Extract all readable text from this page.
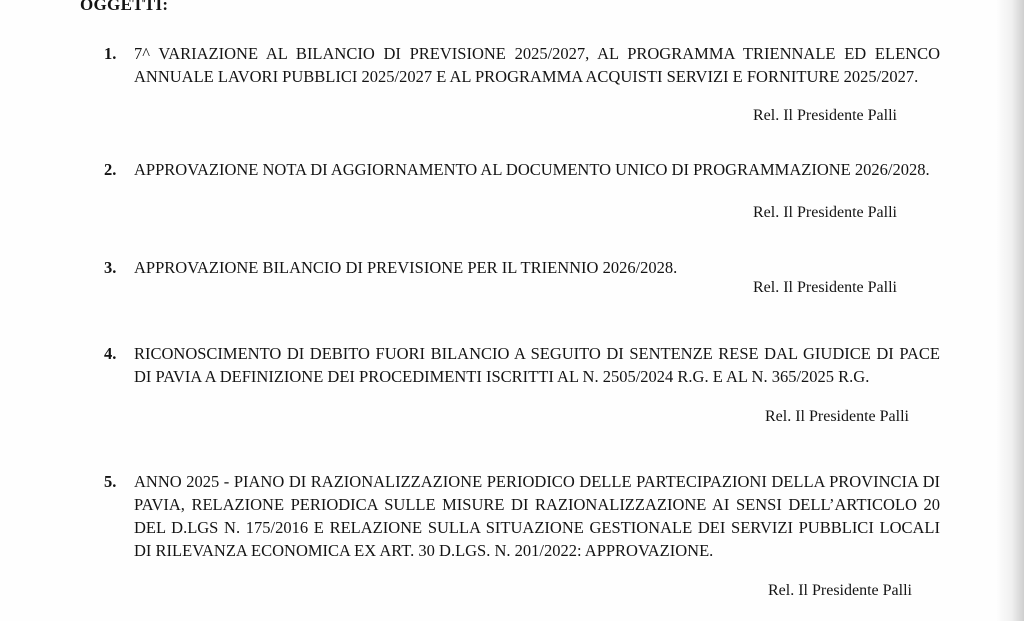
OGGETTI:
1. 7^ VARIAZIONE AL BILANCIO DI PREVISIONE 2025/2027, AL PROGRAMMA TRIENNALE ED ELENCO ANNUALE LAVORI PUBBLICI 2025/2027 E AL PROGRAMMA ACQUISTI SERVIZI E FORNITURE 2025/2027.
Rel. Il Presidente Palli
2. APPROVAZIONE NOTA DI AGGIORNAMENTO AL DOCUMENTO UNICO DI PROGRAMMAZIONE 2026/2028.
Rel. Il Presidente Palli
3. APPROVAZIONE BILANCIO DI PREVISIONE PER IL TRIENNIO 2026/2028.
Rel. Il Presidente Palli
4. RICONOSCIMENTO DI DEBITO FUORI BILANCIO A SEGUITO DI SENTENZE RESE DAL GIUDICE DI PACE DI PAVIA A DEFINIZIONE DEI PROCEDIMENTI ISCRITTI AL N. 2505/2024 R.G. E AL N. 365/2025 R.G.
Rel. Il Presidente Palli
5. ANNO 2025 - PIANO DI RAZIONALIZZAZIONE PERIODICO DELLE PARTECIPAZIONI DELLA PROVINCIA DI PAVIA, RELAZIONE PERIODICA SULLE MISURE DI RAZIONALIZZAZIONE AI SENSI DELL’ARTICOLO 20 DEL D.LGS N. 175/2016 E RELAZIONE SULLA SITUAZIONE GESTIONALE DEI SERVIZI PUBBLICI LOCALI DI RILEVANZA ECONOMICA EX ART. 30 D.LGS. N. 201/2022: APPROVAZIONE.
Rel. Il Presidente Palli
